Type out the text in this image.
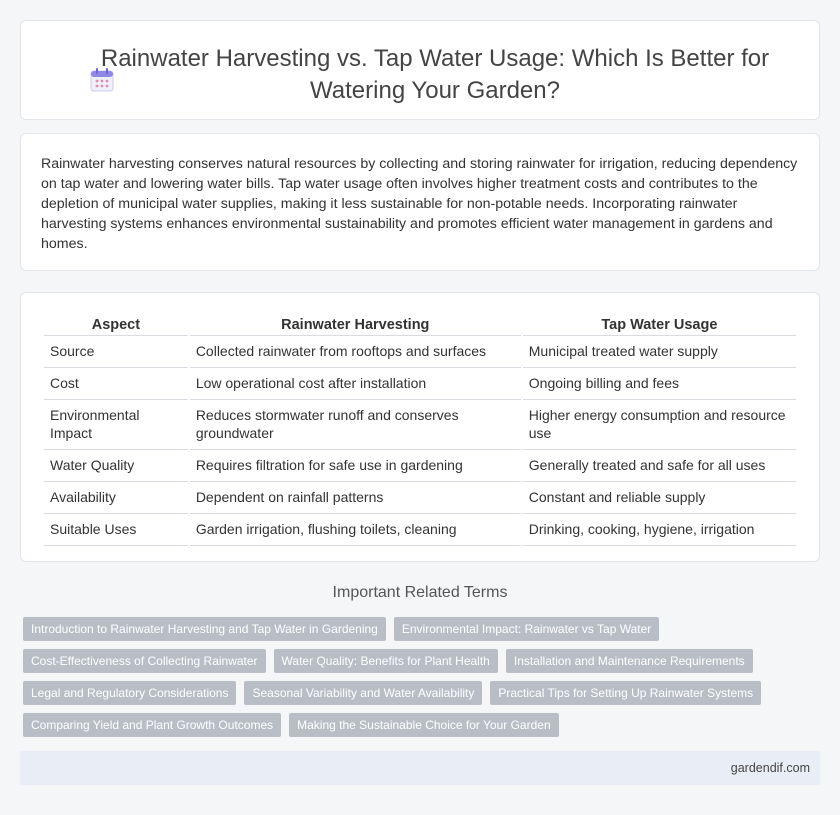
Rainwater Harvesting vs. Tap Water Usage: Which Is Better for Watering Your Garden?

Rainwater harvesting conserves natural resources by collecting and storing rainwater for irrigation, reducing dependency on tap water and lowering water bills. Tap water usage often involves higher treatment costs and contributes to the depletion of municipal water supplies, making it less sustainable for non-potable needs. Incorporating rainwater harvesting systems enhances environmental sustainability and promotes efficient water management in gardens and homes.

Aspect	Rainwater Harvesting	Tap Water Usage
Source	Collected rainwater from rooftops and surfaces	Municipal treated water supply
Cost	Low operational cost after installation	Ongoing billing and fees
Environmental Impact	Reduces stormwater runoff and conserves groundwater	Higher energy consumption and resource use
Water Quality	Requires filtration for safe use in gardening	Generally treated and safe for all uses
Availability	Dependent on rainfall patterns	Constant and reliable supply
Suitable Uses	Garden irrigation, flushing toilets, cleaning	Drinking, cooking, hygiene, irrigation
Important Related Terms
Introduction to Rainwater Harvesting and Tap Water in Gardening	Environmental Impact: Rainwater vs Tap Water
Cost-Effectiveness of Collecting Rainwater	Water Quality: Benefits for Plant Health	Installation and Maintenance Requirements
Legal and Regulatory Considerations	Seasonal Variability and Water Availability	Practical Tips for Setting Up Rainwater Systems
Comparing Yield and Plant Growth Outcomes	Making the Sustainable Choice for Your Garden
gardendif.com
